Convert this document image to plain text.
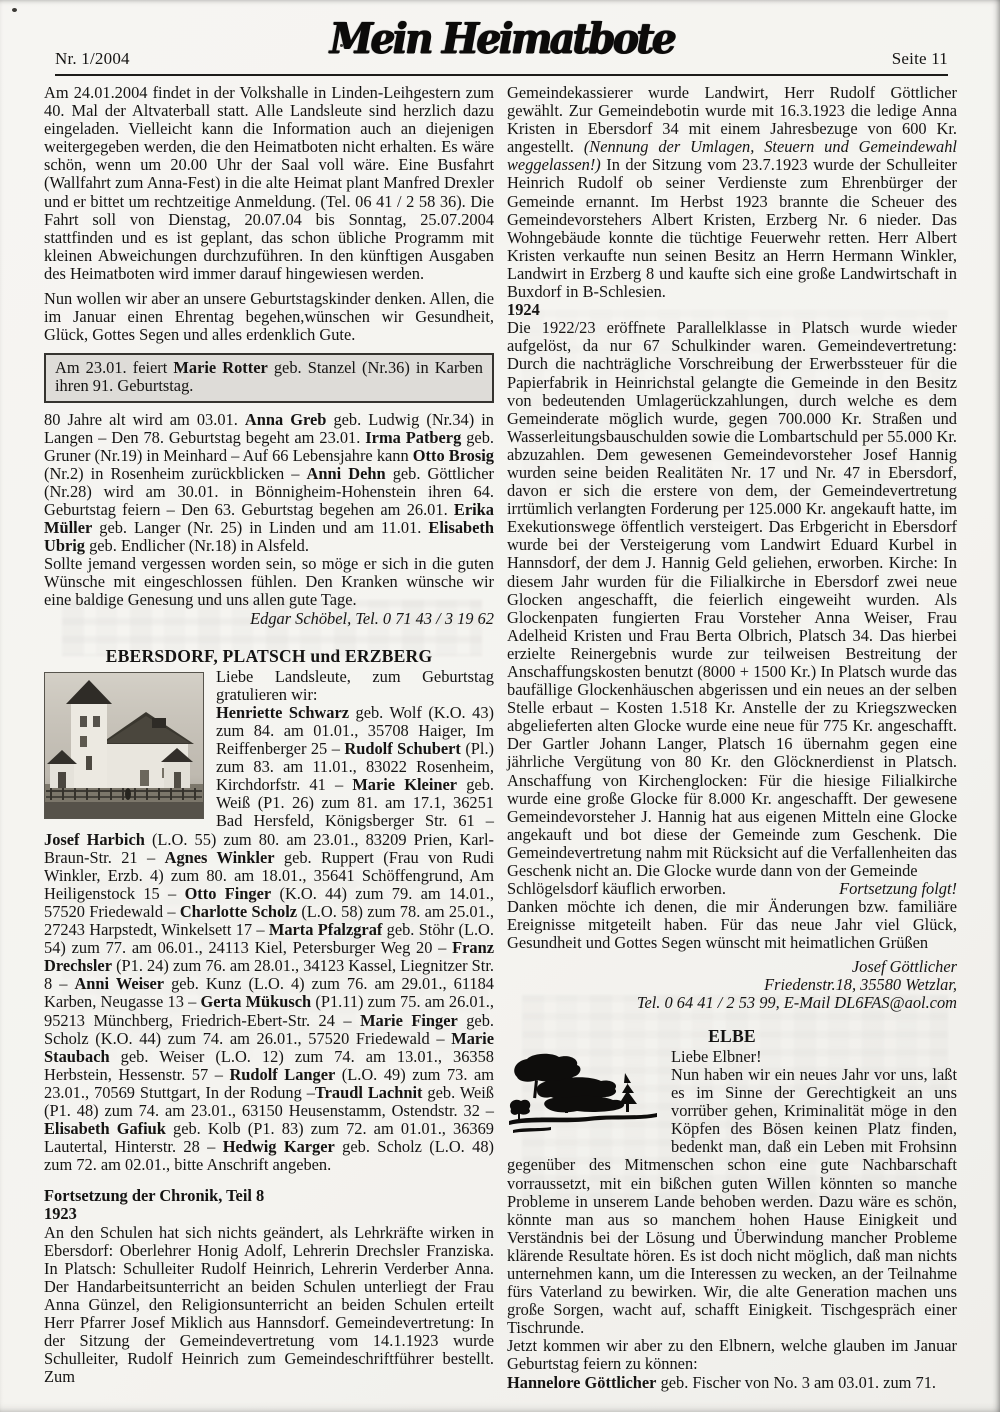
Nr. 1/2004	Mein Heimatbote	Seite 11

Am 24.01.2004 findet in der Volkshalle in Linden-Leihgestern zum 40. Mal der Altvaterball statt. Alle Landsleute sind herzlich dazu eingeladen. Vielleicht kann die Information auch an diejenigen weitergegeben werden, die den Heimatboten nicht erhalten. Es wäre schön, wenn um 20.00 Uhr der Saal voll wäre. Eine Busfahrt (Wallfahrt zum Anna-Fest) in die alte Heimat plant Manfred Drexler und er bittet um rechtzeitige Anmeldung. (Tel. 06 41 / 2 58 36). Die Fahrt soll von Dienstag, 20.07.04 bis Sonntag, 25.07.2004 stattfinden und es ist geplant, das schon übliche Programm mit kleinen Abweichungen durchzuführen. In den künftigen Ausgaben des Heimatboten wird immer darauf hingewiesen werden.

Nun wollen wir aber an unsere Geburtstagskinder denken. Allen, die im Januar einen Ehrentag begehen,wünschen wir Gesundheit, Glück, Gottes Segen und alles erdenklich Gute.

Am 23.01. feiert Marie Rotter geb. Stanzel (Nr.36) in Karben ihren 91. Geburtstag.

80 Jahre alt wird am 03.01. Anna Greb geb. Ludwig (Nr.34) in Langen – Den 78. Geburtstag begeht am 23.01. Irma Patberg geb. Gruner (Nr.19) in Meinhard – Auf 66 Lebensjahre kann Otto Brosig (Nr.2) in Rosenheim zurückblicken – Anni Dehn geb. Göttlicher (Nr.28) wird am 30.01. in Bönnigheim-Hohenstein ihren 64. Geburtstag feiern – Den 63. Geburtstag begehen am 26.01. Erika Müller geb. Langer (Nr. 25) in Linden und am 11.01. Elisabeth Ubrig geb. Endlicher (Nr.18) in Alsfeld.

Sollte jemand vergessen worden sein, so möge er sich in die guten Wünsche mit eingeschlossen fühlen. Den Kranken wünsche wir eine baldige Genesung und uns allen gute Tage.

Edgar Schöbel, Tel. 0 71 43 / 3 19 62

EBERSDORF, PLATSCH und ERZBERG

Liebe Landsleute, zum Geburtstag gratulieren wir:

Henriette Schwarz geb. Wolf (K.O. 43) zum 84. am 01.01., 35708 Haiger, Im Reiffenberger 25 – Rudolf Schubert (Pl.) zum 83. am 11.01., 83022 Rosenheim, Kirchdorfstr. 41 – Marie Kleiner geb. Weiß (P1. 26) zum 81. am 17.1, 36251 Bad Hersfeld, Königsberger Str. 61 – Josef Harbich (L.O. 55) zum 80. am 23.01., 83209 Prien, Karl-Braun-Str. 21 – Agnes Winkler geb. Ruppert (Frau von Rudi Winkler, Erzb. 4) zum 80. am 18.01., 35641 Schöffengrund, Am Heiligenstock 15 – Otto Finger (K.O. 44) zum 79. am 14.01., 57520 Friedewald – Charlotte Scholz (L.O. 58) zum 78. am 25.01., 27243 Harpstedt, Winkelsett 17 – Marta Pfalzgraf geb. Stöhr (L.O. 54) zum 77. am 06.01., 24113 Kiel, Petersburger Weg 20 – Franz Drechsler (P1. 24) zum 76. am 28.01., 34123 Kassel, Liegnitzer Str. 8 – Anni Weiser geb. Kunz (L.O. 4) zum 76. am 29.01., 61184 Karben, Neugasse 13 – Gerta Mükusch (P1.11) zum 75. am 26.01., 95213 Münchberg, Friedrich-Ebert-Str. 24 – Marie Finger geb. Scholz (K.O. 44) zum 74. am 26.01., 57520 Friedewald – Marie Staubach geb. Weiser (L.O. 12) zum 74. am 13.01., 36358 Herbstein, Hessenstr. 57 – Rudolf Langer (L.O. 49) zum 73. am 23.01., 70569 Stuttgart, In der Rodung –Traudl Lachnit geb. Weiß (P1. 48) zum 74. am 23.01., 63150 Heusenstamm, Ostendstr. 32 – Elisabeth Gafiuk geb. Kolb (P1. 83) zum 72. am 01.01., 36369 Lautertal, Hinterstr. 28 – Hedwig Karger geb. Scholz (L.O. 48) zum 72. am 02.01., bitte Anschrift angeben.

Fortsetzung der Chronik, Teil 8
1923

An den Schulen hat sich nichts geändert, als Lehrkräfte wirken in Ebersdorf: Oberlehrer Honig Adolf, Lehrerin Drechsler Franziska. In Platsch: Schulleiter Rudolf Heinrich, Lehrerin Verderber Anna. Der Handarbeitsunterricht an beiden Schulen unterliegt der Frau Anna Günzel, den Religionsunterricht an beiden Schulen erteilt Herr Pfarrer Josef Miklich aus Hannsdorf. Gemeindevertretung: In der Sitzung der Gemeindevertretung vom 14.1.1923 wurde Schulleiter, Rudolf Heinrich zum Gemeindeschriftführer bestellt. Zum

Gemeindekassierer wurde Landwirt, Herr Rudolf Göttlicher gewählt. Zur Gemeindebotin wurde mit 16.3.1923 die ledige Anna Kristen in Ebersdorf 34 mit einem Jahresbezuge von 600 Kr. angestellt. (Nennung der Umlagen, Steuern und Gemeindewahl weggelassen!) In der Sitzung vom 23.7.1923 wurde der Schulleiter Heinrich Rudolf ob seiner Verdienste zum Ehrenbürger der Gemeinde ernannt. Im Herbst 1923 brannte die Scheuer des Gemeindevorstehers Albert Kristen, Erzberg Nr. 6 nieder. Das Wohngebäude konnte die tüchtige Feuerwehr retten. Herr Albert Kristen verkaufte nun seinen Besitz an Herrn Hermann Winkler, Landwirt in Erzberg 8 und kaufte sich eine große Landwirtschaft in Buxdorf in B-Schlesien.

1924

Die 1922/23 eröffnete Parallelklasse in Platsch wurde wieder aufgelöst, da nur 67 Schulkinder waren. Gemeindevertretung: Durch die nachträgliche Vorschreibung der Erwerbssteuer für die Papierfabrik in Heinrichstal gelangte die Gemeinde in den Besitz von bedeutenden Umlagerückzahlungen, durch welche es dem Gemeinderate möglich wurde, gegen 700.000 Kr. Straßen und Wasserleitungsbauschulden sowie die Lombartschuld per 55.000 Kr. abzuzahlen. Dem gewesenen Gemeindevorsteher Josef Hannig wurden seine beiden Realitäten Nr. 17 und Nr. 47 in Ebersdorf, davon er sich die erstere von dem, der Gemeindevertretung irrtümlich verlangten Forderung per 125.000 Kr. angekauft hatte, im Exekutionswege öffentlich versteigert. Das Erbgericht in Ebersdorf wurde bei der Versteigerung vom Landwirt Eduard Kurbel in Hannsdorf, der dem J. Hannig Geld geliehen, erworben. Kirche: In diesem Jahr wurden für die Filialkirche in Ebersdorf zwei neue Glocken angeschafft, die feierlich eingeweiht wurden. Als Glockenpaten fungierten Frau Vorsteher Anna Weiser, Frau Adelheid Kristen und Frau Berta Olbrich, Platsch 34. Das hierbei erzielte Reinergebnis wurde zur teilweisen Bestreitung der Anschaffungskosten benutzt (8000 + 1500 Kr.) In Platsch wurde das baufällige Glockenhäuschen abgerissen und ein neues an der selben Stelle erbaut – Kosten 1.518 Kr. Anstelle der zu Kriegszwecken abgelieferten alten Glocke wurde eine neue für 775 Kr. angeschafft. Der Gartler Johann Langer, Platsch 16 übernahm gegen eine jährliche Vergütung von 80 Kr. den Glöcknerdienst in Platsch. Anschaffung von Kirchenglocken: Für die hiesige Filialkirche wurde eine große Glocke für 8.000 Kr. angeschafft. Der gewesene Gemeindevorsteher J. Hannig hat aus eigenen Mitteln eine Glocke angekauft und bot diese der Gemeinde zum Geschenk. Die Gemeindevertretung nahm mit Rücksicht auf die Verfallenheiten das Geschenk nicht an. Die Glocke wurde dann von der Gemeinde

Schlögelsdorf käuflich erworben.	Fortsetzung folgt!

Danken möchte ich denen, die mir Änderungen bzw. familiäre Ereignisse mitgeteilt haben. Für das neue Jahr viel Glück, Gesundheit und Gottes Segen wünscht mit heimatlichen Grüßen

Josef Göttlicher
Friedenstr.18, 35580 Wetzlar,
Tel. 0 64 41 / 2 53 99, E-Mail DL6FAS@aol.com
ELBE

Liebe Elbner!

Nun haben wir ein neues Jahr vor uns, laßt es im Sinne der Gerechtigkeit an uns vorrüber gehen, Kriminalität möge in den Köpfen des Bösen keinen Platz finden, bedenkt man, daß ein Leben mit Frohsinn gegenüber des Mitmenschen schon eine gute Nachbarschaft vorraussetzt, mit ein bißchen guten Willen könnten so manche Probleme in unserem Lande behoben werden. Dazu wäre es schön, könnte man aus so manchem hohen Hause Einigkeit und Verständnis bei der Lösung und Überwindung mancher Probleme klärende Resultate hören. Es ist doch nicht möglich, daß man nichts unternehmen kann, um die Interessen zu wecken, an der Teilnahme fürs Vaterland zu bewirken. Wir, die alte Generation machen uns große Sorgen, wacht auf, schafft Einigkeit. Tischgespräch einer Tischrunde.

Jetzt kommen wir aber zu den Elbnern, welche glauben im Januar Geburtstag feiern zu können:

Hannelore Göttlicher geb. Fischer von No. 3 am 03.01. zum 71.
